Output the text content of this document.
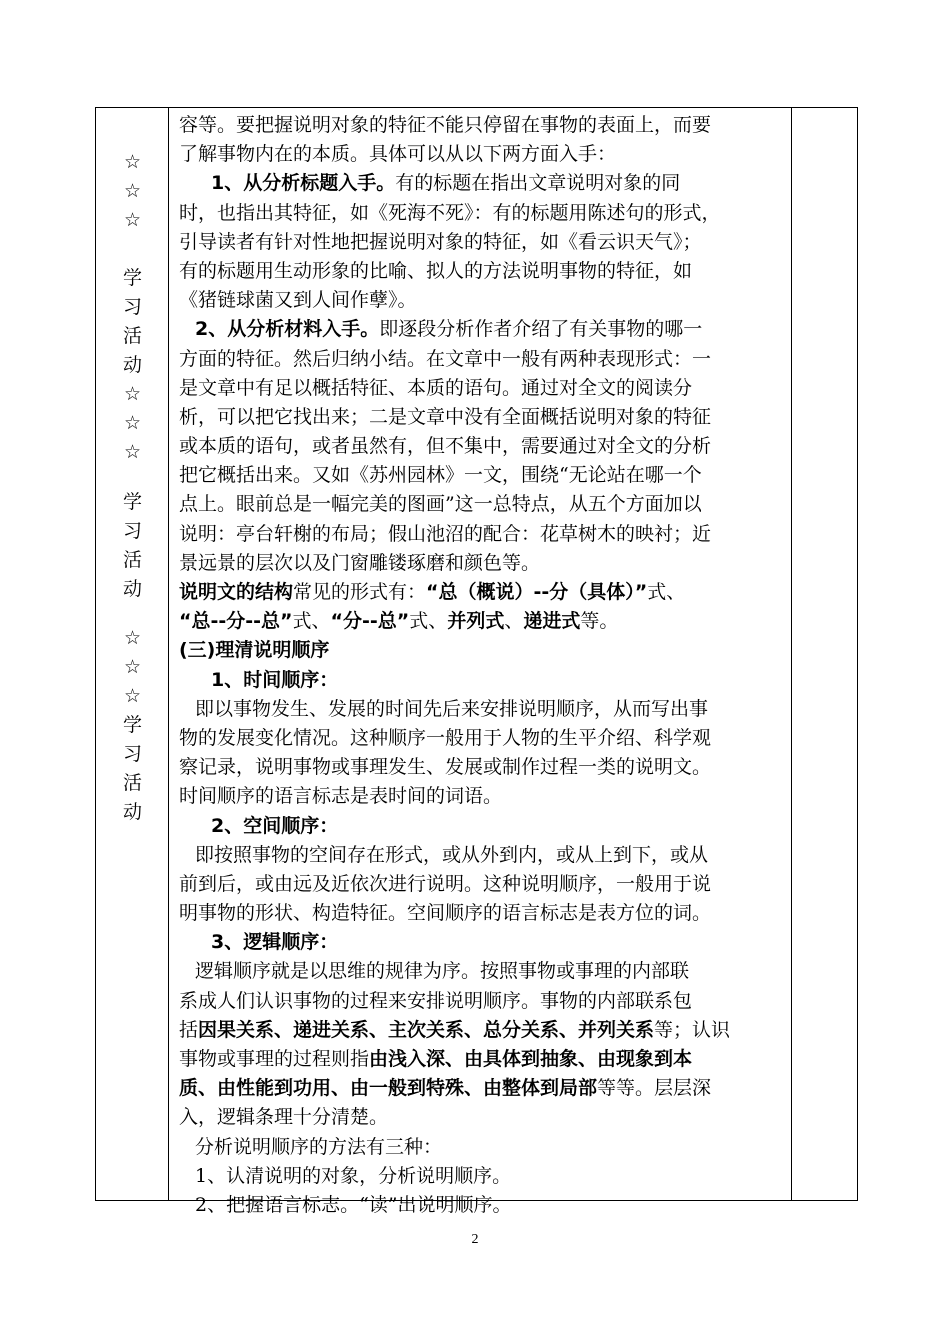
☆
☆
☆

学
习
活
动
☆
☆
☆
学
习
活
动
☆
☆
☆
学
习
活
动
容等。要把握说明对象的特征不能只停留在事物的表面上，而要
了解事物内在的本质。具体可以从以下两方面入手：
1、从分析标题入手。有的标题在指出文章说明对象的同
时，也指出其特征，如《死海不死》：有的标题用陈述句的形式，
引导读者有针对性地把握说明对象的特征，如《看云识天气》；
有的标题用生动形象的比喻、拟人的方法说明事物的特征，如
《猪链球菌又到人间作孽》。
2、从分析材料入手。即逐段分析作者介绍了有关事物的哪一
方面的特征。然后归纳小结。在文章中一般有两种表现形式：一
是文章中有足以概括特征、本质的语句。通过对全文的阅读分
析，可以把它找出来；二是文章中没有全面概括说明对象的特征
或本质的语句，或者虽然有，但不集中，需要通过对全文的分析
把它概括出来。又如《苏州园林》一文，围绕“无论站在哪一个
点上。眼前总是一幅完美的图画”这一总特点，从五个方面加以
说明：亭台轩榭的布局；假山池沼的配合：花草树木的映衬；近
景远景的层次以及门窗雕镂琢磨和颜色等。
说明文的结构常见的形式有：“总（概说）--分（具体）”式、
“总--分--总”式、“分--总”式、并列式、递进式等。
(三)理清说明顺序
1、时间顺序：
即以事物发生、发展的时间先后来安排说明顺序，从而写出事
物的发展变化情况。这种顺序一般用于人物的生平介绍、科学观
察记录，说明事物或事理发生、发展或制作过程一类的说明文。
时间顺序的语言标志是表时间的词语。
2、空间顺序：
即按照事物的空间存在形式，或从外到内，或从上到下，或从
前到后，或由远及近依次进行说明。这种说明顺序，一般用于说
明事物的形状、构造特征。空间顺序的语言标志是表方位的词。
3、逻辑顺序：
逻辑顺序就是以思维的规律为序。按照事物或事理的内部联
系成人们认识事物的过程来安排说明顺序。事物的内部联系包
括因果关系、递进关系、主次关系、总分关系、并列关系等；认识
事物或事理的过程则指由浅入深、由具体到抽象、由现象到本
质、由性能到功用、由一般到特殊、由整体到局部等等。层层深
入，逻辑条理十分清楚。
分析说明顺序的方法有三种：
1、认清说明的对象，分析说明顺序。
2、把握语言标志。“读”出说明顺序。
2
